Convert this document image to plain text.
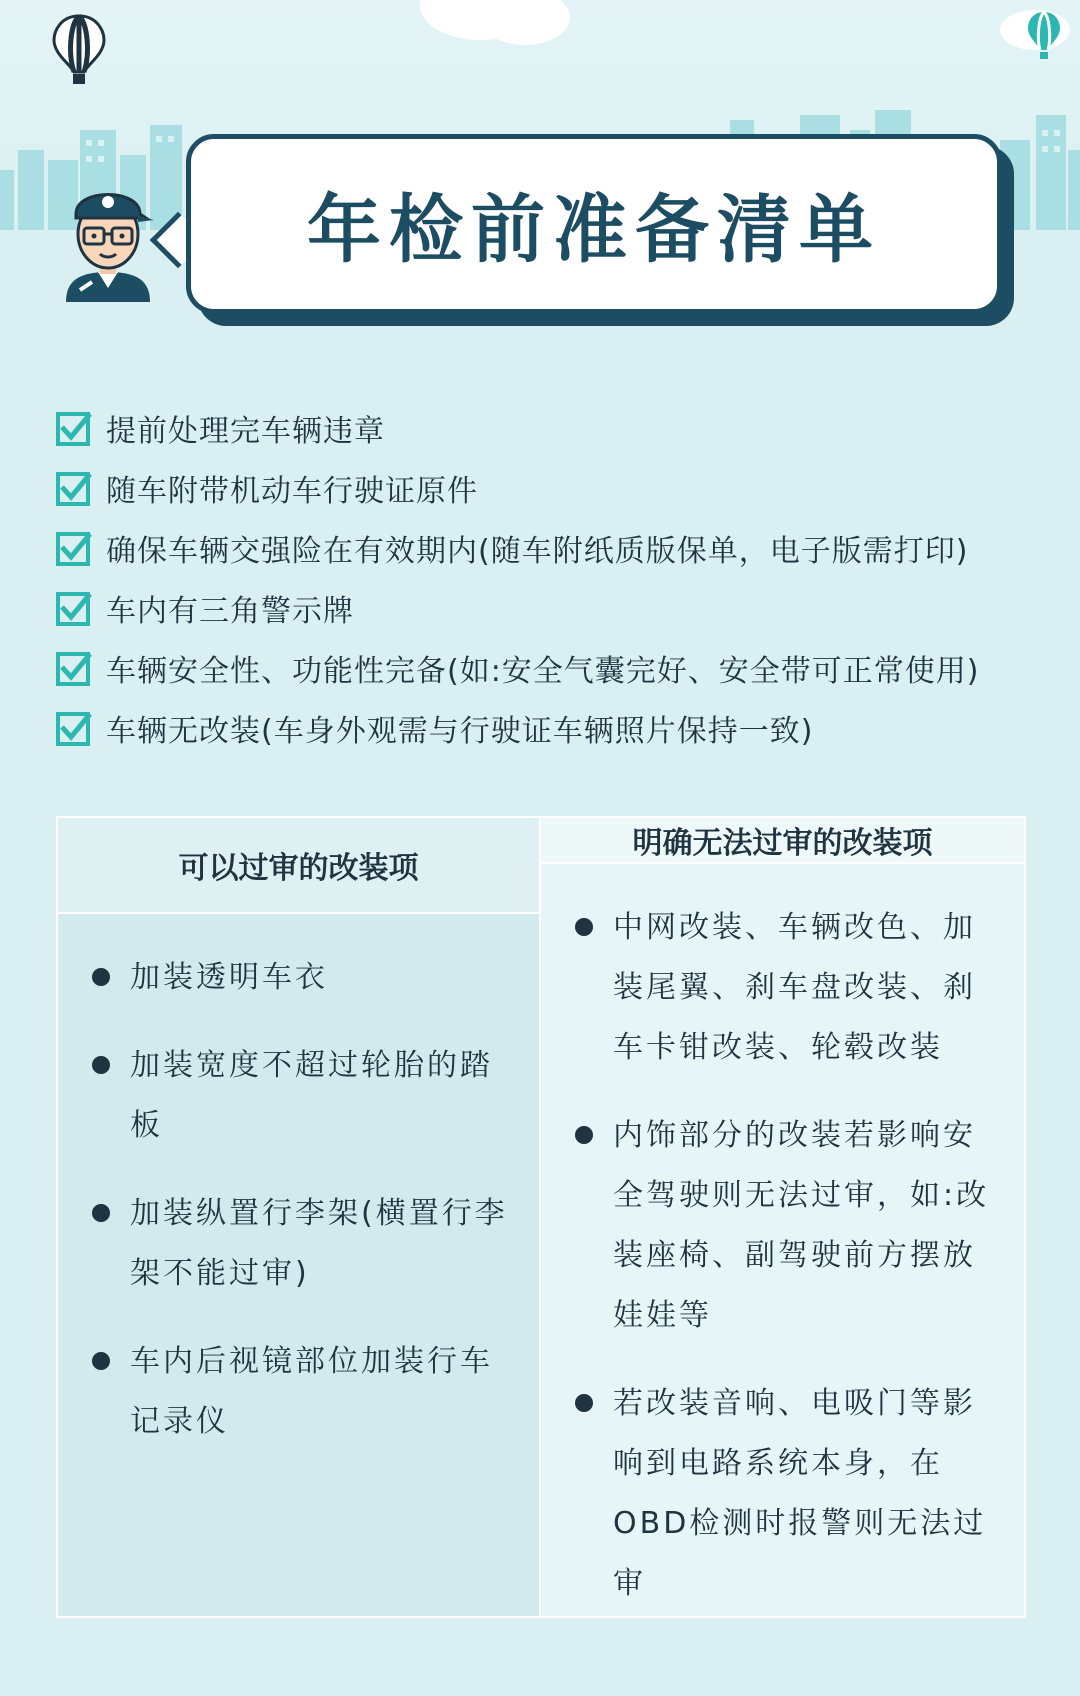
年检前准备清单
提前处理完车辆违章
随车附带机动车行驶证原件
确保车辆交强险在有效期内(随车附纸质版保单，电子版需打印)
车内有三角警示牌
车辆安全性、功能性完备(如:安全气囊完好、安全带可正常使用)
车辆无改装(车身外观需与行驶证车辆照片保持一致)
可以过审的改装项
加装透明车衣
加装宽度不超过轮胎的踏板
加装纵置行李架(横置行李架不能过审)
车内后视镜部位加装行车记录仪
明确无法过审的改装项
中网改装、车辆改色、加装尾翼、刹车盘改装、刹车卡钳改装、轮毂改装
内饰部分的改装若影响安全驾驶则无法过审，如:改装座椅、副驾驶前方摆放娃娃等
若改装音响、电吸门等影响到电路系统本身，在OBD检测时报警则无法过审
